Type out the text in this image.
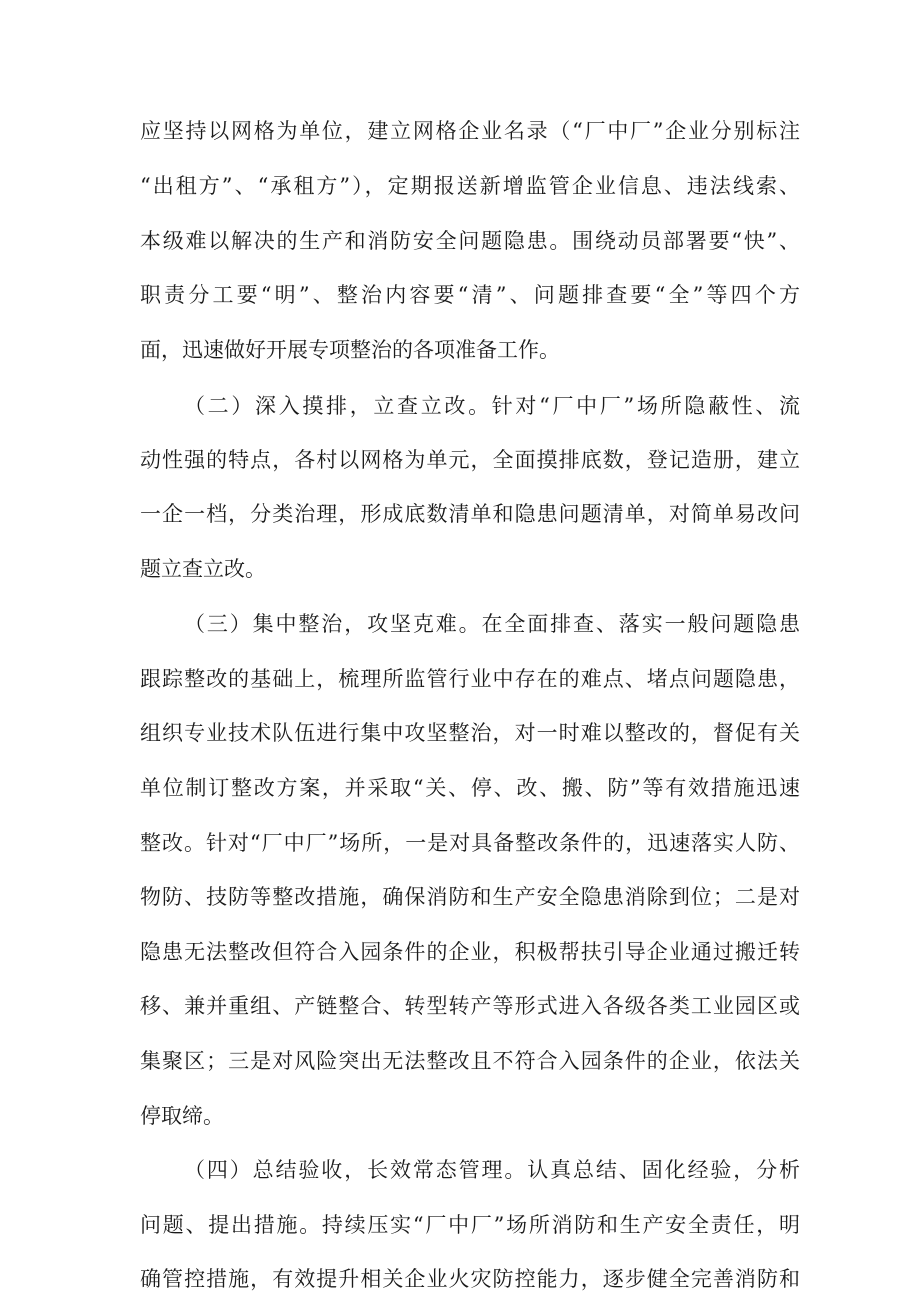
应坚持以网格为单位，建立网格企业名录（“厂中厂”企业分别标注
“出租方”、“承租方”），定期报送新增监管企业信息、违法线索、
本级难以解决的生产和消防安全问题隐患。围绕动员部署要“快”、
职责分工要“明”、整治内容要“清”、问题排查要“全”等四个方
面，迅速做好开展专项整治的各项准备工作。
（二）深入摸排，立查立改。针对“厂中厂”场所隐蔽性、流
动性强的特点，各村以网格为单元，全面摸排底数，登记造册，建立
一企一档，分类治理，形成底数清单和隐患问题清单，对简单易改问
题立查立改。
（三）集中整治，攻坚克难。在全面排查、落实一般问题隐患
跟踪整改的基础上，梳理所监管行业中存在的难点、堵点问题隐患，
组织专业技术队伍进行集中攻坚整治，对一时难以整改的，督促有关
单位制订整改方案，并采取“关、停、改、搬、防”等有效措施迅速
整改。针对“厂中厂”场所，一是对具备整改条件的，迅速落实人防、
物防、技防等整改措施，确保消防和生产安全隐患消除到位；二是对
隐患无法整改但符合入园条件的企业，积极帮扶引导企业通过搬迁转
移、兼并重组、产链整合、转型转产等形式进入各级各类工业园区或
集聚区；三是对风险突出无法整改且不符合入园条件的企业，依法关
停取缔。
（四）总结验收，长效常态管理。认真总结、固化经验，分析
问题、提出措施。持续压实“厂中厂”场所消防和生产安全责任，明
确管控措施，有效提升相关企业火灾防控能力，逐步健全完善消防和
